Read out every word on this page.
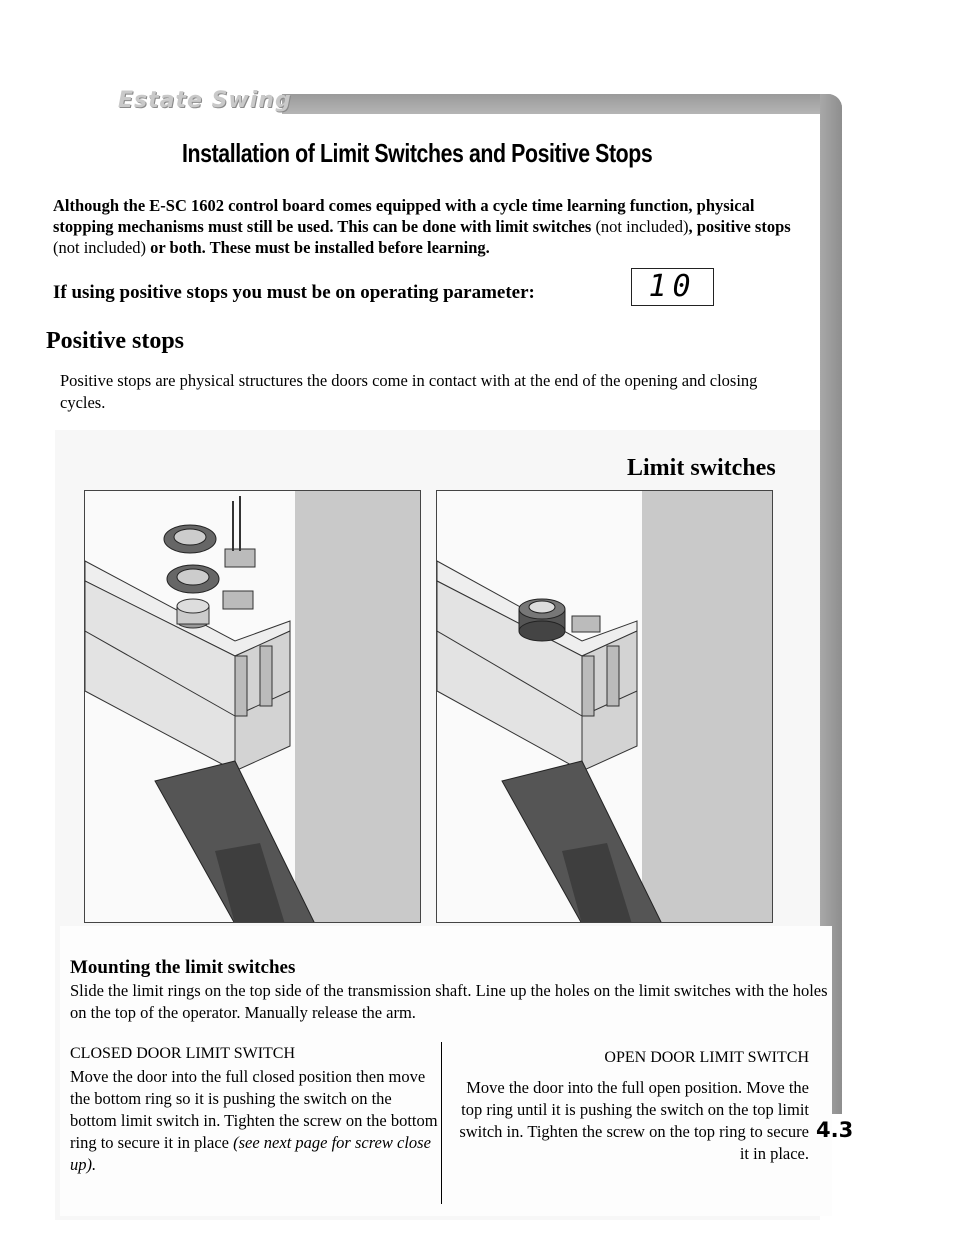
Estate Swing
Installation of Limit Switches and Positive Stops
Although the E-SC 1602 control board comes equipped with a cycle time learning function, physical stopping mechanisms must still be used. This can be done with limit switches (not included), positive stops (not included) or both. These must be installed before learning.
If using positive stops you must be on operating parameter:	10
Positive stops
Positive stops are physical structures the doors come in contact with at the end of the opening and closing cycles.
Limit switches
Mounting the limit switches
Slide the limit rings on the top side of the transmission shaft. Line up the holes on the limit switches with the holes on the top of the operator. Manually release the arm.
CLOSED DOOR LIMIT SWITCH
Move the door into the full closed position then move the bottom ring so it is pushing the switch on the bottom limit switch in. Tighten the screw on the bottom ring to secure it in place (see next page for screw close up).
OPEN DOOR LIMIT SWITCH
Move the door into the full open position. Move the top ring until it is pushing the switch on the top limit switch in. Tighten the screw on the top ring to secure it in place.
4.3
